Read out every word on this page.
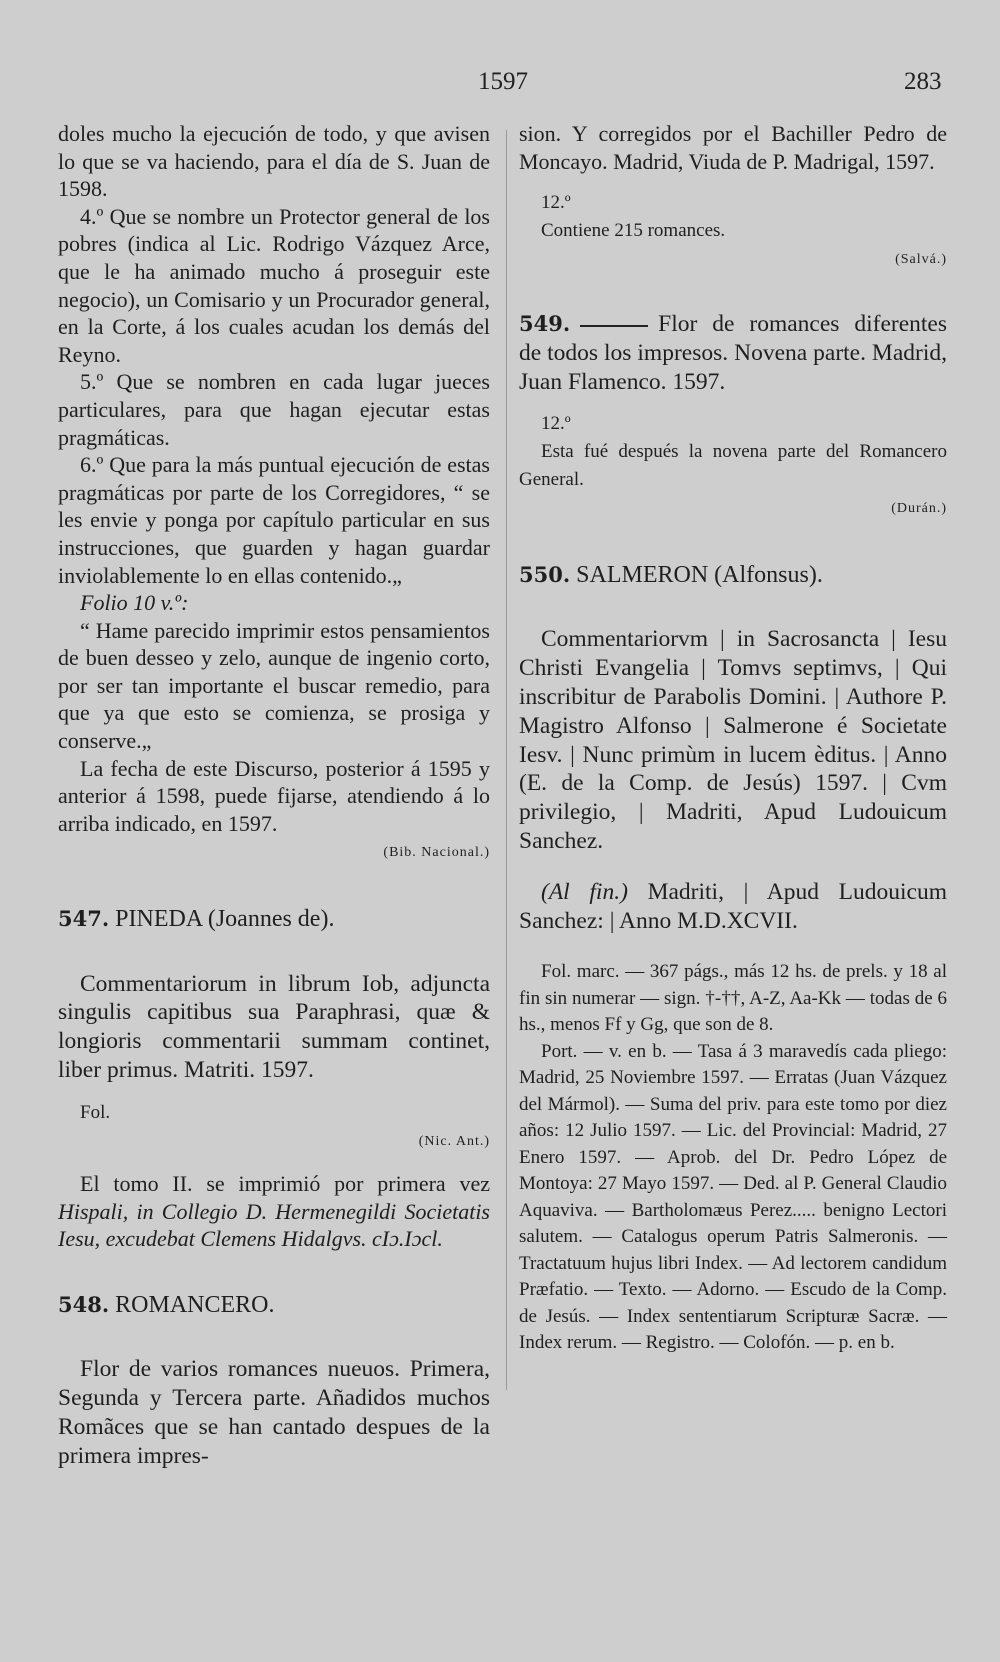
1597	283

doles mucho la ejecución de todo, y que avisen lo que se va haciendo, para el día de S. Juan de 1598.

4.º Que se nombre un Protector general de los pobres (indica al Lic. Rodrigo Vázquez Arce, que le ha animado mucho á proseguir este negocio), un Comisario y un Procurador general, en la Corte, á los cuales acudan los demás del Reyno.

5.º Que se nombren en cada lugar jueces particulares, para que hagan ejecutar estas pragmáticas.

6.º Que para la más puntual ejecución de estas pragmáticas por parte de los Corregidores, “ se les envie y ponga por capítulo particular en sus instrucciones, que guarden y hagan guardar inviolablemente lo en ellas contenido.„

Folio 10 v.º:

“ Hame parecido imprimir estos pensamientos de buen desseo y zelo, aunque de ingenio corto, por ser tan importante el buscar remedio, para que ya que esto se comienza, se prosiga y conserve.„

La fecha de este Discurso, posterior á 1595 y anterior á 1598, puede fijarse, atendiendo á lo arriba indicado, en 1597.

(Bib. Nacional.)

547. PINEDA (Joannes de).

Commentariorum in librum Iob, adjuncta singulis capitibus sua Paraphrasi, quæ & longioris commentarii summam continet, liber primus. Matriti. 1597.

Fol.

(Nic. Ant.)

El tomo II. se imprimió por primera vez Hispali, in Collegio D. Hermenegildi Societatis Iesu, excudebat Clemens Hidalgvs. cIɔ.Iɔcl.

548. ROMANCERO.

Flor de varios romances nueuos. Primera, Segunda y Tercera parte. Añadidos muchos Romãces que se han cantado despues de la primera impres-

sion. Y corregidos por el Bachiller Pedro de Moncayo. Madrid, Viuda de P. Madrigal, 1597.

12.º

Contiene 215 romances.

(Salvá.)

549.	Flor de romances diferentes de todos los impresos. Novena parte. Madrid, Juan Flamenco. 1597.

12.º

Esta fué después la novena parte del Romancero General.

(Durán.)

550. SALMERON (Alfonsus).

Commentariorvm | in Sacrosancta | Iesu Christi Evangelia | Tomvs septimvs, | Qui inscribitur de Parabolis Domini. | Authore P. Magistro Alfonso | Salmerone é Societate Iesv. | Nunc primùm in lucem èditus. | Anno (E. de la Comp. de Jesús) 1597. | Cvm privilegio, | Madriti, Apud Ludouicum Sanchez.

(Al fin.) Madriti, | Apud Ludouicum Sanchez: | Anno M.D.XCVII.

Fol. marc. — 367 págs., más 12 hs. de prels. y 18 al fin sin numerar — sign. †-††, A-Z, Aa-Kk — todas de 6 hs., menos Ff y Gg, que son de 8.

Port. — v. en b. — Tasa á 3 maravedís cada pliego: Madrid, 25 Noviembre 1597. — Erratas (Juan Vázquez del Mármol). — Suma del priv. para este tomo por diez años: 12 Julio 1597. — Lic. del Provincial: Madrid, 27 Enero 1597. — Aprob. del Dr. Pedro López de Montoya: 27 Mayo 1597. — Ded. al P. General Claudio Aquaviva. — Bartholomæus Perez..... benigno Lectori salutem. — Catalogus operum Patris Salmeronis. — Tractatuum hujus libri Index. — Ad lectorem candidum Præfatio. — Texto. — Adorno. — Escudo de la Comp. de Jesús. — Index sententiarum Scripturæ Sacræ. — Index rerum. — Registro. — Colofón. — p. en b.
